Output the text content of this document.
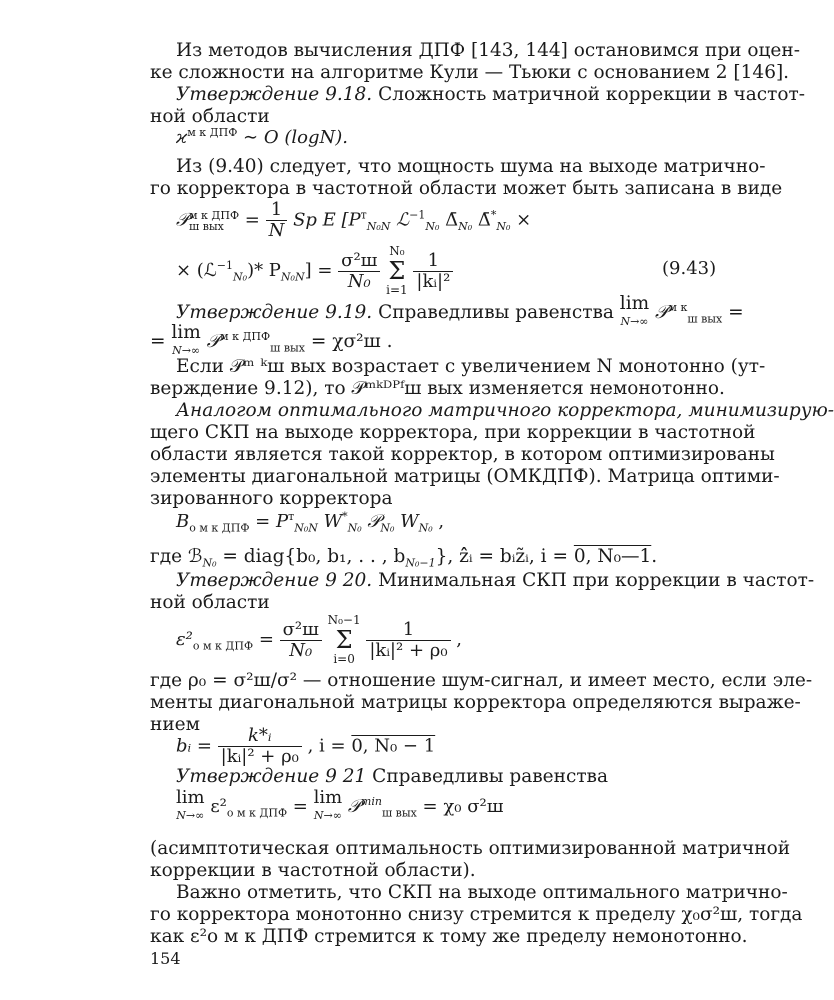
Из методов вычисления ДПФ [143, 144] остановимся при оцен-
ке сложности на алгоритме Кули — Тьюки с основанием 2 [146].
Утверждение 9.18. Сложность матричной коррекции в частот-
ной области
$ϰ^{м к ДПФ}$ ∼ O (logN).
Из (9.40) следует, что мощность шума на выходе матрично-
го корректора в частотной области может быть записана в виде
𝒫 м к ДПФ
ш вых = $\frac{1}{N}$ Sp E [$P^т_{N_0N}$ ℒ$^{-1}_{N_0}$ $\Deltā_{N_0}$ $\Deltā^*_{N_0}$ ×
× (ℒ$^{-1}_{N_0}$)* $P_{N_0N}] = \frac{\text{σ²ш}}{\text{N₀}} N_0$
Σ
$i=1 \frac{1}{\text{|kᵢ|²}}$	(9.43)
Утверждение 9.19. Справедливы равенства lim
N→∞ 𝒫$^{м к}_{ш вых}$ =
= lim
N→∞ 𝒫$^{м к ДПФ}_{ш вых}$ = χσ²ш .
Если 𝒫ᵐ ᵏш вых возрастает с увеличением N монотонно (ут-
верждение 9.12), то 𝒫ᵐᵏᴰᴾᶠш вых изменяется немонотонно.
Аналогом оптимального матричного корректора, минимизирую-
щего СКП на выходе корректора, при коррекции в частотной
области является такой корректор, в котором оптимизированы
элементы диагональной матрицы (ОМКДПФ). Матрица оптими-
зированного корректора
$B_{о м к ДПФ} = P^т_{N_0N}$ $W^*_{N_0}$ 𝒫$_{N_0}$ $W_{N_0}$ ,
где ℬ$_{N_0}$ = diag{b₀, b₁, . . , $b_{N_0-1}$}, ẑ̂ᵢ = bᵢz̃ᵢ, i = 0, N₀—1.
Утверждение 9 20. Минимальная СКП при коррекции в частот-
ной области
$\varepsilon^2_{о м к ДПФ} = \frac{\text{σ²ш}}{\text{N₀}} N_0-1$
Σ
$i=0 \frac{1}{\text{|kᵢ|² + ρ₀}}$ ,
где ρ₀ = σ²ш/σ² — отношение шум-сигнал, и имеет место, если эле-
менты диагональной матрицы корректора определяются выраже-
нием
bᵢ = $\frac{\text{k*ᵢ}}{\text{|kᵢ|² + ρ₀}}$ , i = 0, N₀ − 1
Утверждение 9 21 Справедливы равенства
lim
N→∞ $\varepsilon^2_{о м к ДПФ} = \lim$
N→∞ 𝒫$^{min}_{ш вых}$ = χ₀ σ²ш
(асимптотическая оптимальность оптимизированной матричной
коррекции в частотной области).
Важно отметить, что СКП на выходе оптимального матрично-
го корректора монотонно снизу стремится к пределу χ₀σ²ш, тогда
как ε²о м к ДПФ стремится к тому же пределу немонотонно.
154
